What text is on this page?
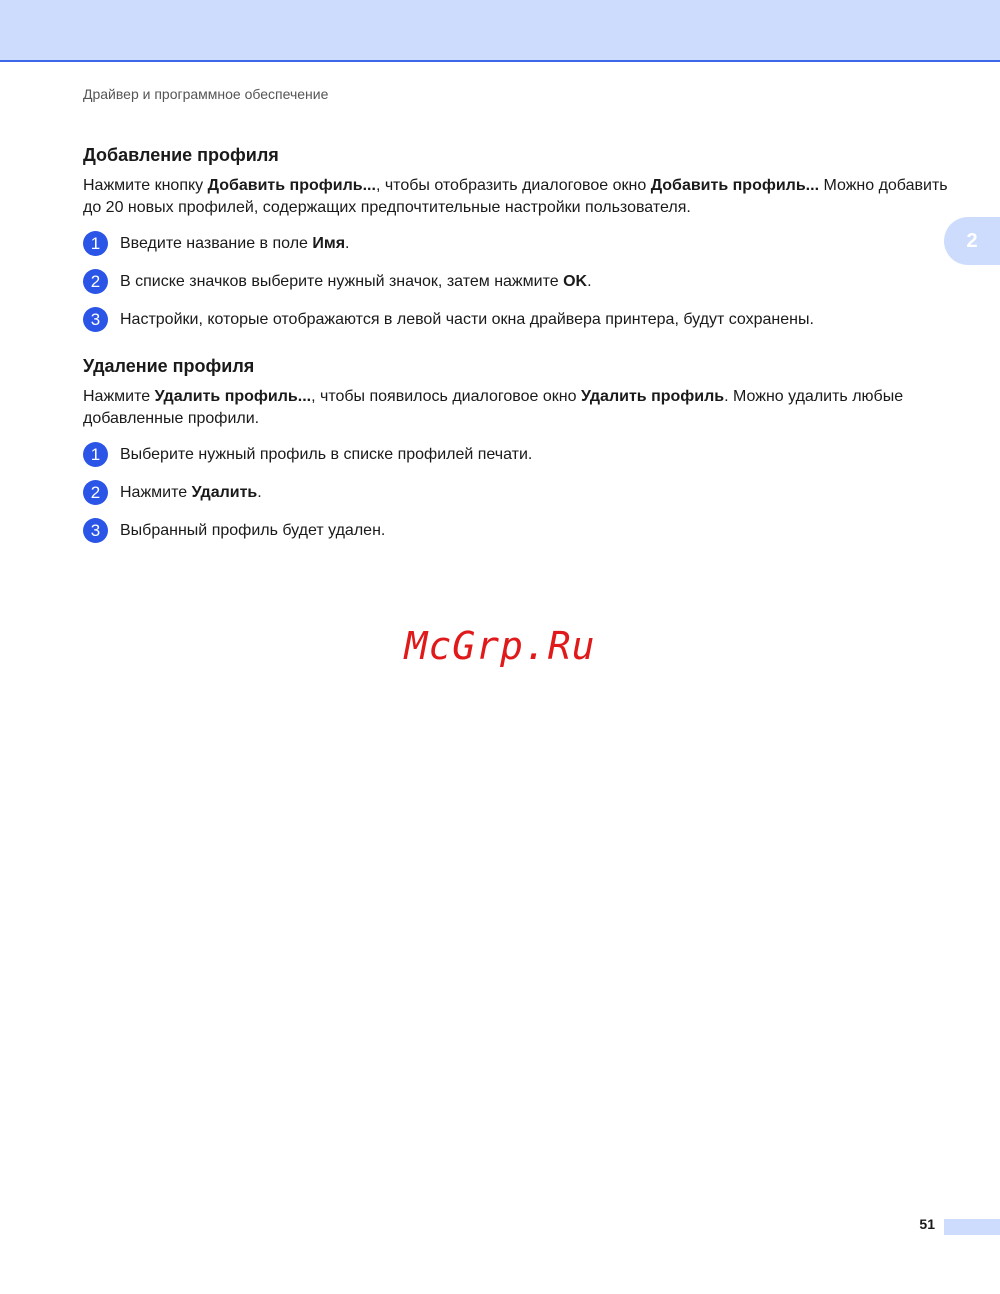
Драйвер и программное обеспечение
2
Добавление профиля

Нажмите кнопку Добавить профиль..., чтобы отобразить диалоговое окно Добавить профиль... Можно добавить до 20 новых профилей, содержащих предпочтительные настройки пользователя.

1	Введите название в поле Имя.
2	В списке значков выберите нужный значок, затем нажмите OK.
3	Настройки, которые отображаются в левой части окна драйвера принтера, будут сохранены.
Удаление профиля

Нажмите Удалить профиль..., чтобы появилось диалоговое окно Удалить профиль. Можно удалить любые добавленные профили.

1	Выберите нужный профиль в списке профилей печати.
2	Нажмите Удалить.
3	Выбранный профиль будет удален.
McGrp.Ru
51
